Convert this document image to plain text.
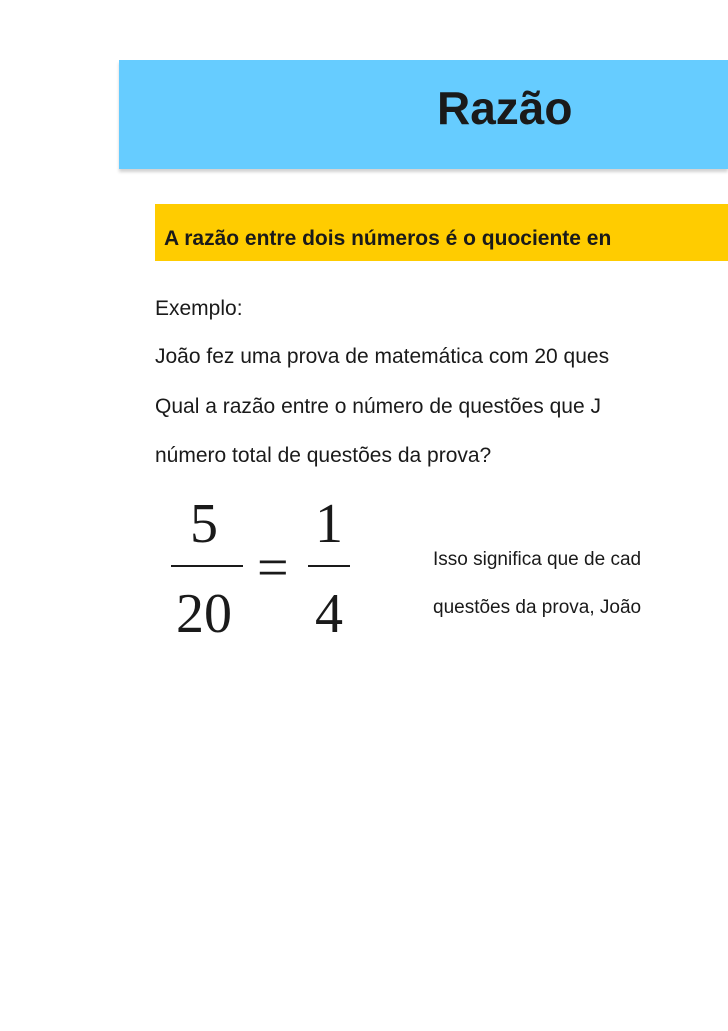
Razão
A razão entre dois números é o quociente en
Exemplo:
João fez uma prova de matemática com 20 ques
Qual a razão entre o número de questões que J
número total de questões da prova?
5
20
=
1
4
Isso significa que de cad
questões da prova, João
